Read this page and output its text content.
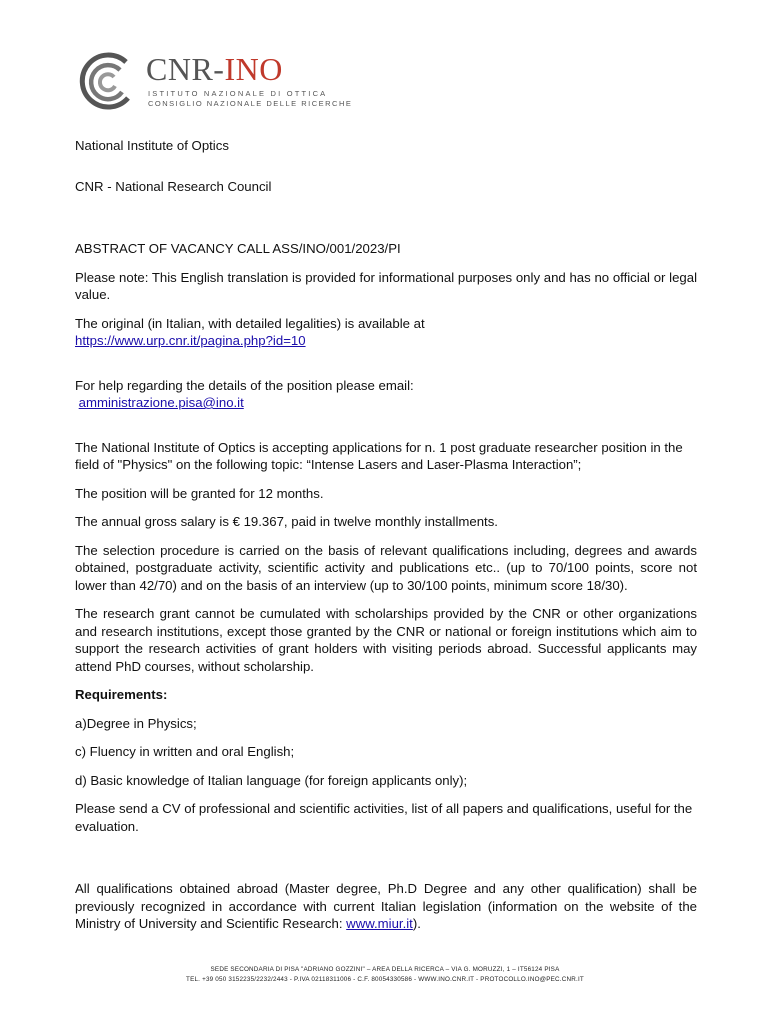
CNR-INO
ISTITUTO NAZIONALE DI OTTICA
CONSIGLIO NAZIONALE DELLE RICERCHE

National Institute of Optics

CNR - National Research Council

ABSTRACT OF VACANCY CALL ASS/INO/001/2023/PI

Please note: This English translation is provided for informational purposes only and has no official or legal value.

The original (in Italian, with detailed legalities) is available at
https://www.urp.cnr.it/pagina.php?id=10

For help regarding the details of the position please email:
amministrazione.pisa@ino.it

The National Institute of Optics is accepting applications for n. 1 post graduate researcher position in the field of "Physics" on the following topic: “Intense Lasers and Laser-Plasma Interaction”;

The position will be granted for 12 months.

The annual gross salary is € 19.367, paid in twelve monthly installments.

The selection procedure is carried on the basis of relevant qualifications including, degrees and awards obtained, postgraduate activity, scientific activity and publications etc.. (up to 70/100 points, score not lower than 42/70) and on the basis of an interview (up to 30/100 points, minimum score 18/30).

The research grant cannot be cumulated with scholarships provided by the CNR or other organizations and research institutions, except those granted by the CNR or national or foreign institutions which aim to support the research activities of grant holders with visiting periods abroad. Successful applicants may attend PhD courses, without scholarship.

Requirements:

a)Degree in Physics;

c) Fluency in written and oral English;

d) Basic knowledge of Italian language (for foreign applicants only);

Please send a CV of professional and scientific activities, list of all papers and qualifications, useful for the evaluation.

All qualifications obtained abroad (Master degree, Ph.D Degree and any other qualification) shall be previously recognized in accordance with current Italian legislation (information on the website of the Ministry of University and Scientific Research: www.miur.it).

SEDE SECONDARIA DI PISA "ADRIANO GOZZINI" – AREA DELLA RICERCA – VIA G. MORUZZI, 1 – IT56124 PISA
TEL. +39 050 3152235/2232/2443 - P.IVA 02118311006 - C.F. 80054330586 - WWW.INO.CNR.IT - PROTOCOLLO.INO@PEC.CNR.IT
